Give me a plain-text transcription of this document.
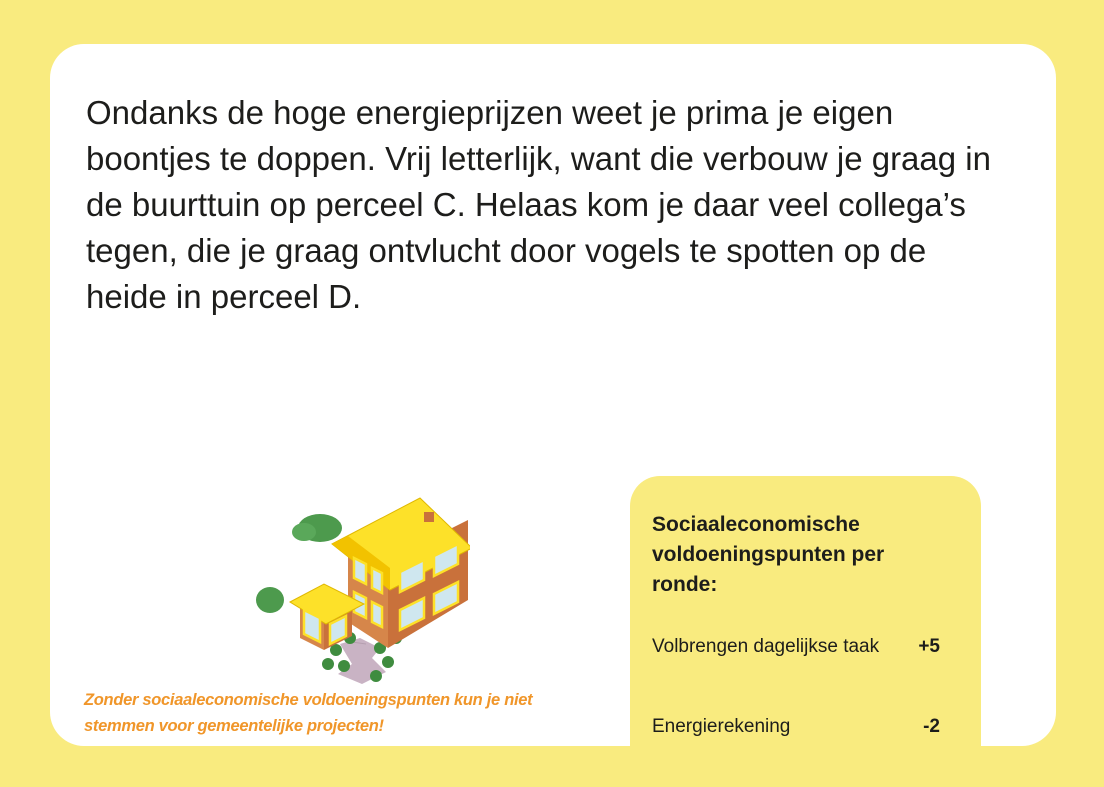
Ondanks de hoge energieprijzen weet je prima je eigen boontjes te doppen. Vrij letterlijk, want die verbouw je graag in de buurttuin op perceel C. Helaas kom je daar veel collega’s tegen, die je graag ontvlucht door vogels te spotten op de heide in perceel D.

Zonder sociaaleconomische voldoeningspunten kun je niet stemmen voor gemeentelijke projecten!

Sociaaleconomische voldoeningspunten per ronde:

Volbrengen dagelijkse taak +5
Energierekening	-2
